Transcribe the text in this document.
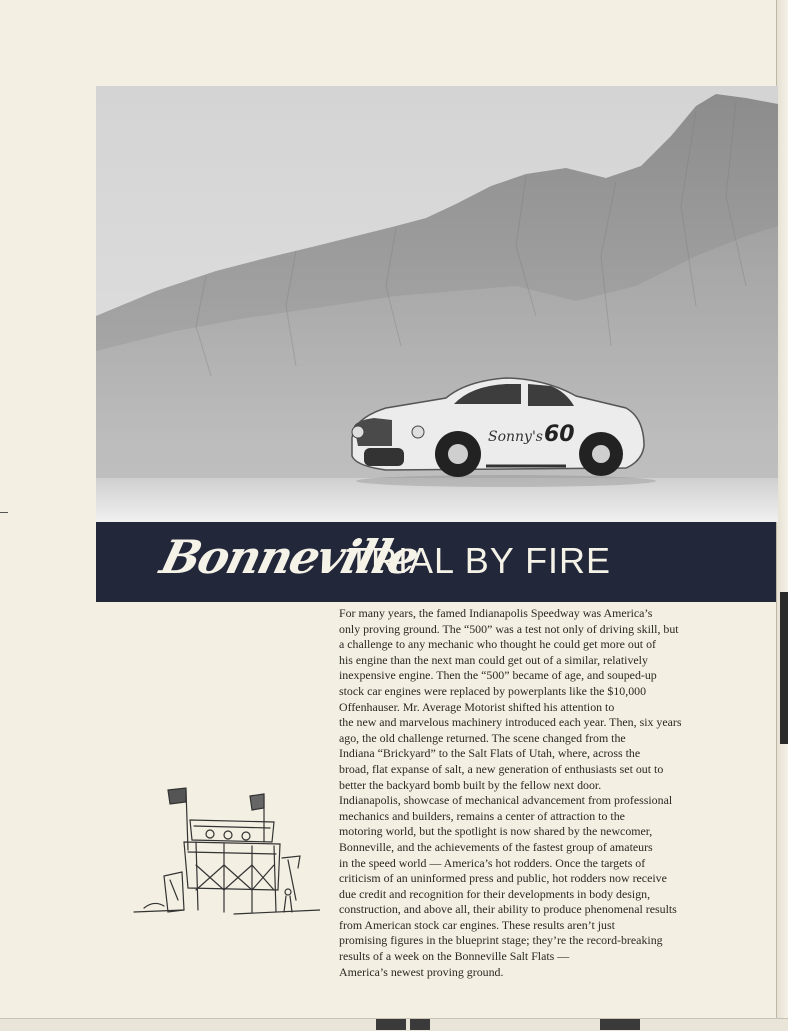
Sonny's 60
Bonneville
TRIAL BY FIRE
For many years, the famed Indianapolis Speedway was America’s
only proving ground. The “500” was a test not only of driving skill, but
a challenge to any mechanic who thought he could get more out of
his engine than the next man could get out of a similar, relatively
inexpensive engine. Then the “500” became of age, and souped-up
stock car engines were replaced by powerplants like the $10,000
Offenhauser. Mr. Average Motorist shifted his attention to
the new and marvelous machinery introduced each year. Then, six years
ago, the old challenge returned. The scene changed from the
Indiana “Brickyard” to the Salt Flats of Utah, where, across the
broad, flat expanse of salt, a new generation of enthusiasts set out to
better the backyard bomb built by the fellow next door.
Indianapolis, showcase of mechanical advancement from professional
mechanics and builders, remains a center of attraction to the
motoring world, but the spotlight is now shared by the newcomer,
Bonneville, and the achievements of the fastest group of amateurs
in the speed world — America’s hot rodders. Once the targets of
criticism of an uninformed press and public, hot rodders now receive
due credit and recognition for their developments in body design,
construction, and above all, their ability to produce phenomenal results
from American stock car engines. These results aren’t just
promising figures in the blueprint stage; they’re the record-breaking
results of a week on the Bonneville Salt Flats —
America’s newest proving ground.
